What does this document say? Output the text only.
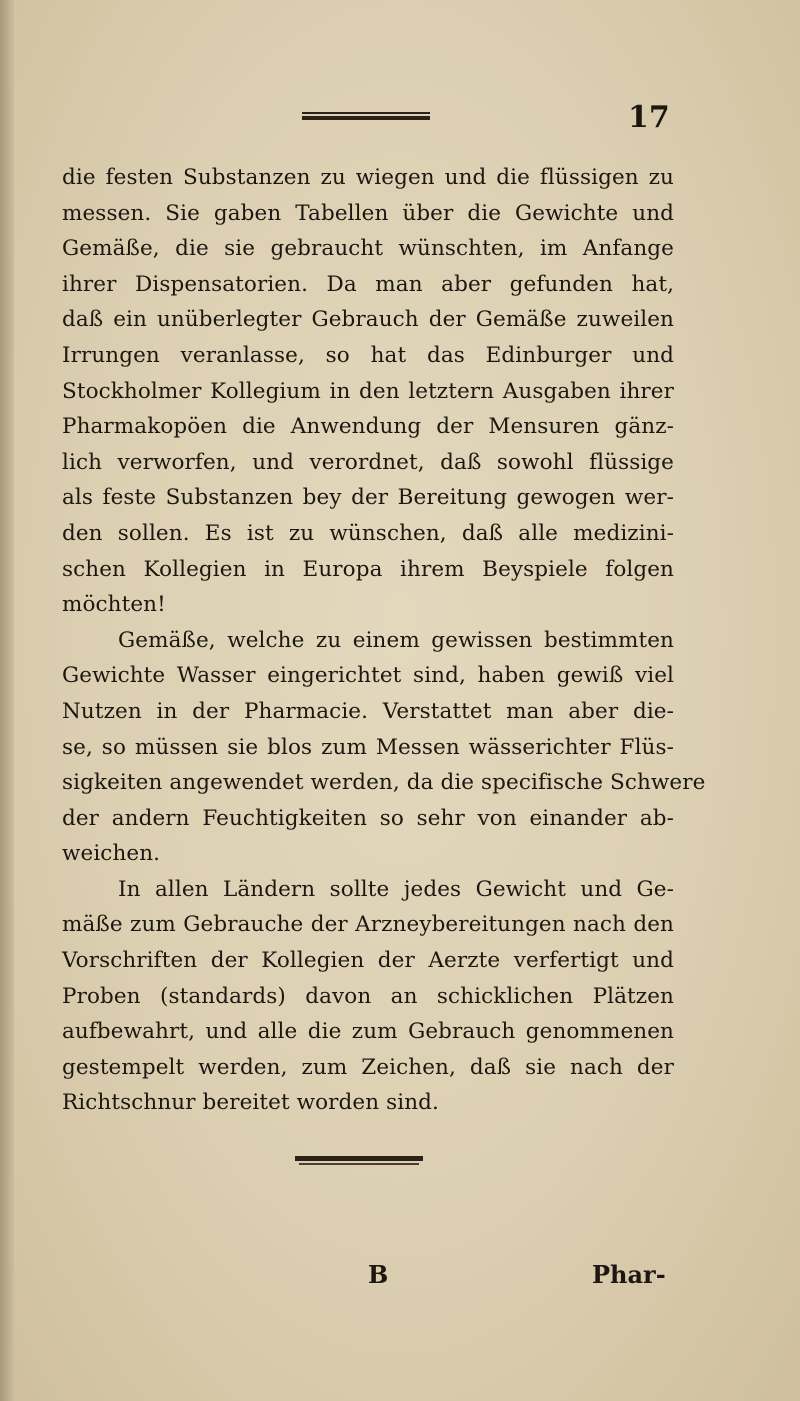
17
die festen Substanzen zu wiegen und die flüssigen zu
messen. Sie gaben Tabellen über die Gewichte und
Gemäße, die sie gebraucht wünschten, im Anfange
ihrer Dispensatorien. Da man aber gefunden hat,
daß ein unüberlegter Gebrauch der Gemäße zuweilen
Irrungen veranlasse, so hat das Edinburger und
Stockholmer Kollegium in den letztern Ausgaben ihrer
Pharmakopöen die Anwendung der Mensuren gänz-
lich verworfen, und verordnet, daß sowohl flüssige
als feste Substanzen bey der Bereitung gewogen wer-
den sollen. Es ist zu wünschen, daß alle medizini-
schen Kollegien in Europa ihrem Beyspiele folgen
möchten!
Gemäße, welche zu einem gewissen bestimmten
Gewichte Wasser eingerichtet sind, haben gewiß viel
Nutzen in der Pharmacie. Verstattet man aber die-
se, so müssen sie blos zum Messen wässerichter Flüs-
sigkeiten angewendet werden, da die specifische Schwere
der andern Feuchtigkeiten so sehr von einander ab-
weichen.
In allen Ländern sollte jedes Gewicht und Ge-
mäße zum Gebrauche der Arzneybereitungen nach den
Vorschriften der Kollegien der Aerzte verfertigt und
Proben (standards) davon an schicklichen Plätzen
aufbewahrt, und alle die zum Gebrauch genommenen
gestempelt werden, zum Zeichen, daß sie nach der
Richtschnur bereitet worden sind.
B	Phar-
